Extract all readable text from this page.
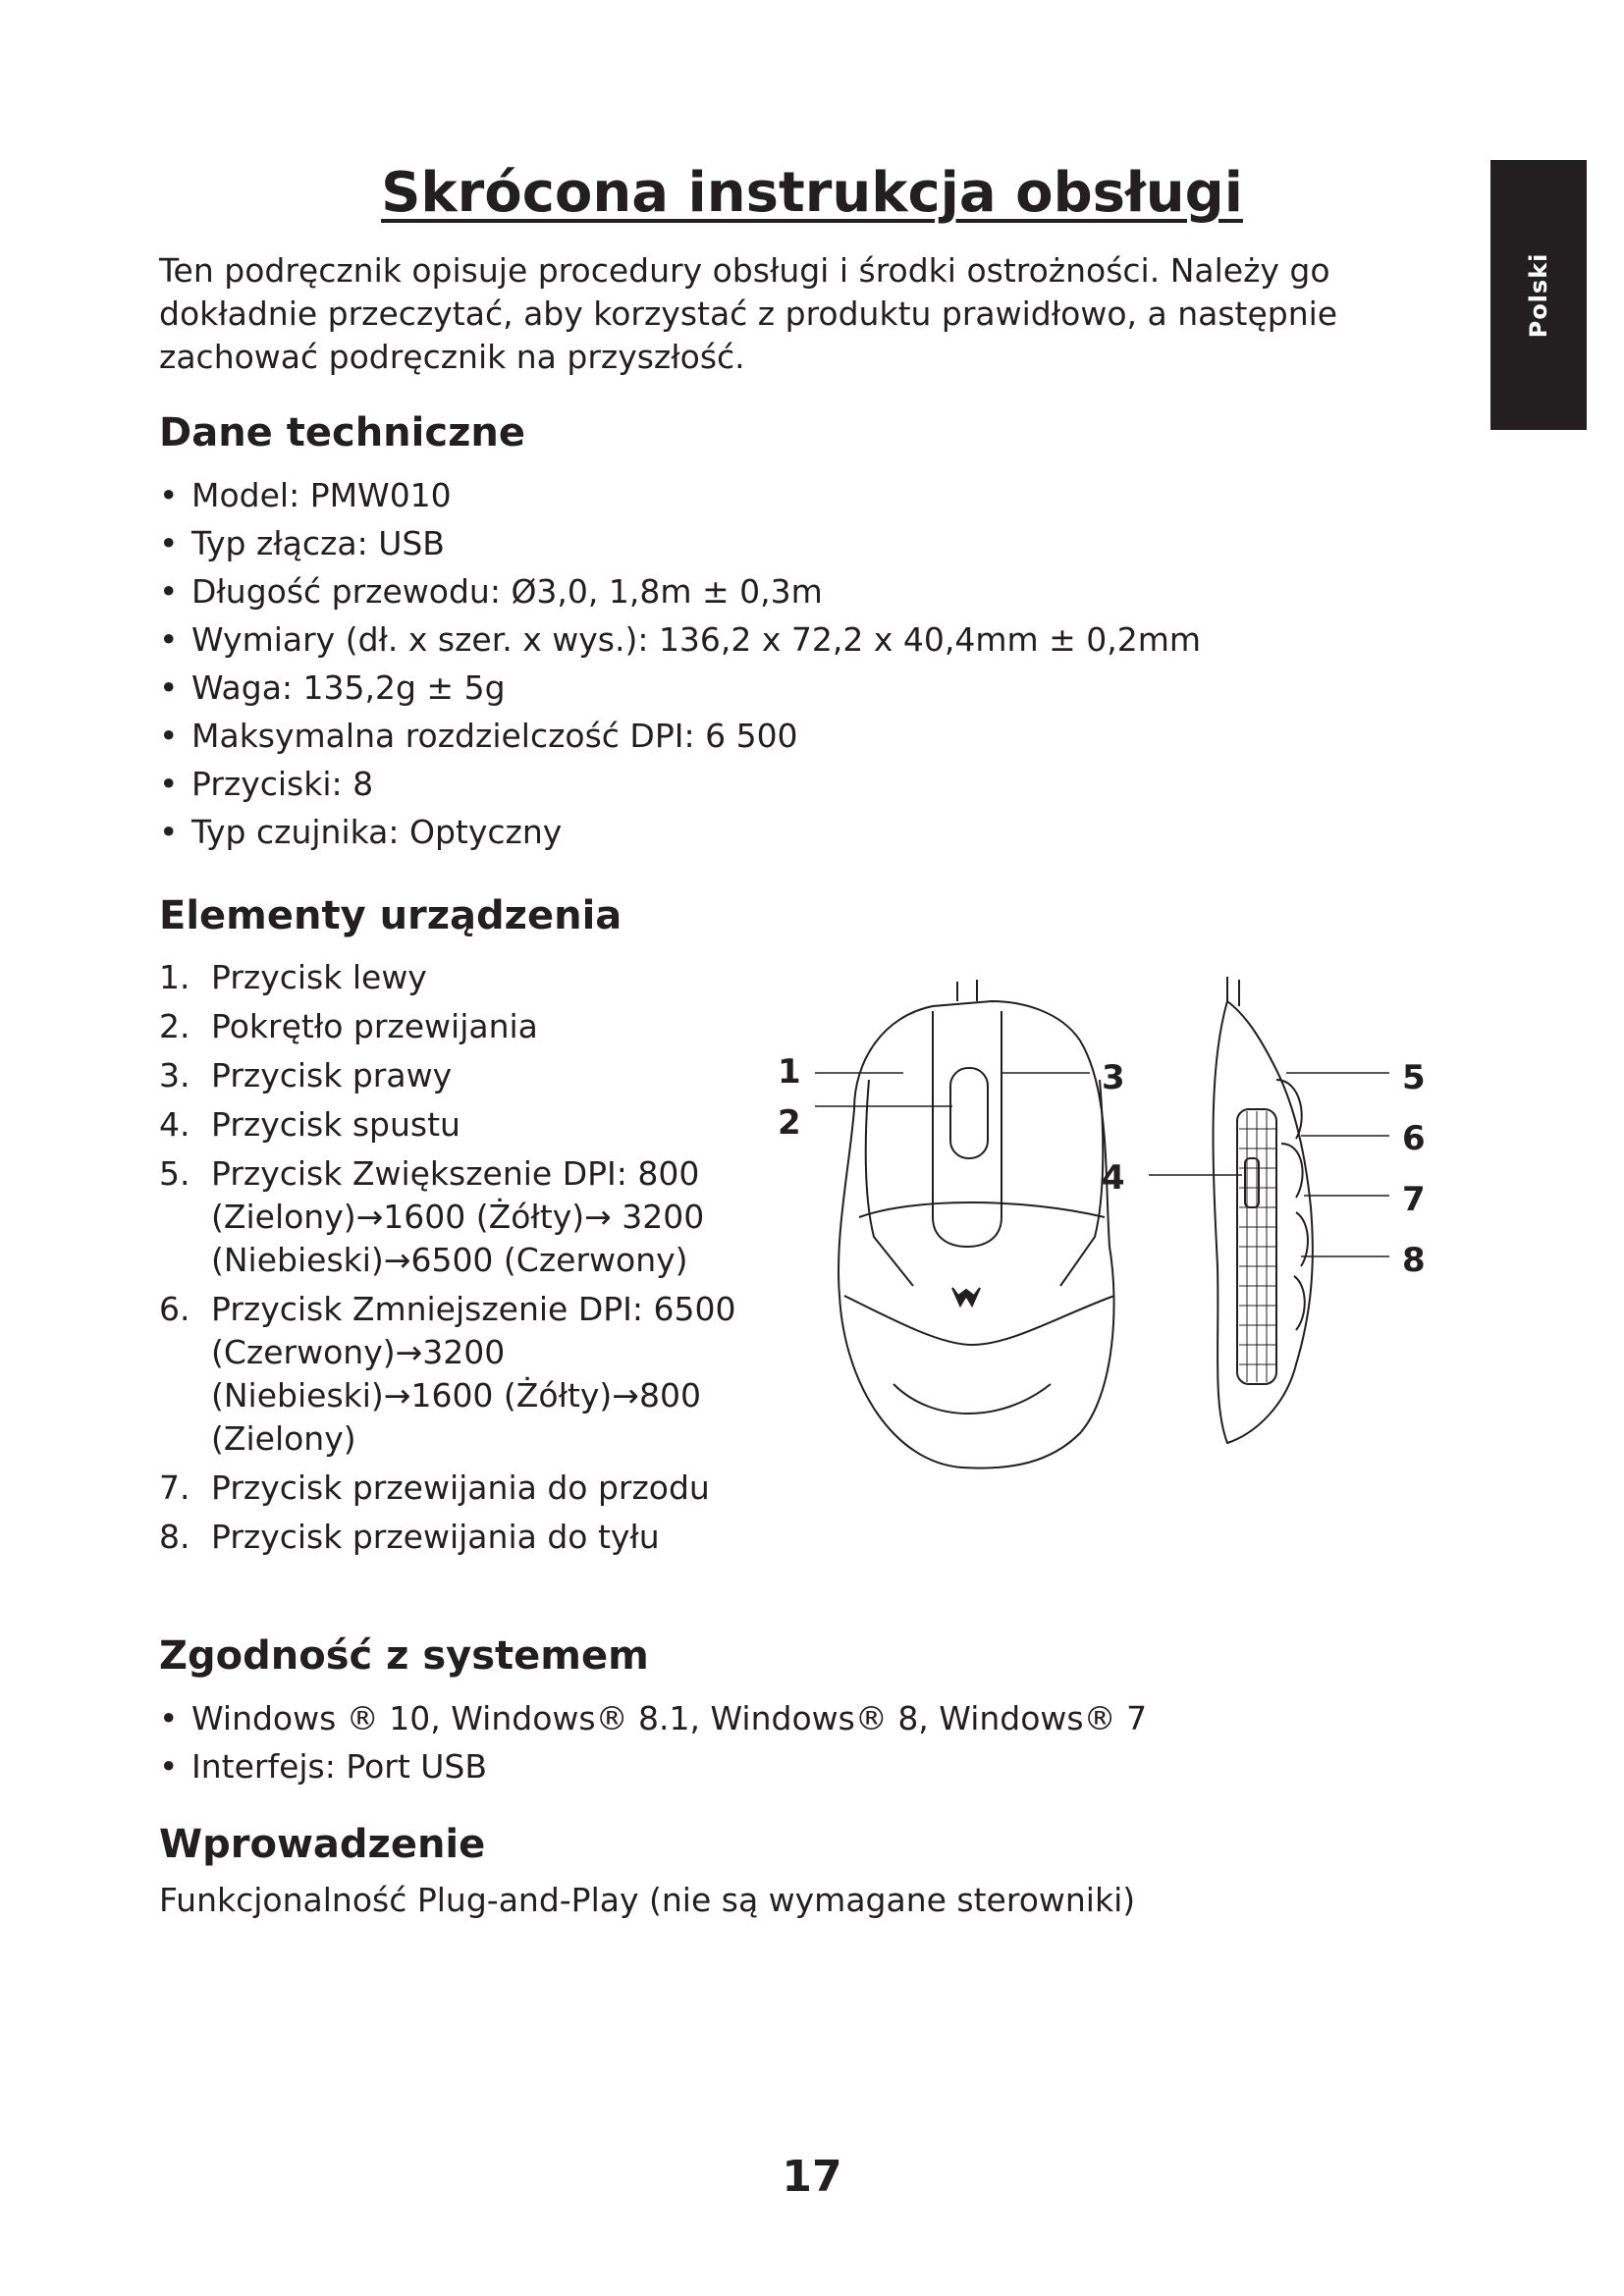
Polski
Skrócona instrukcja obsługi

Ten podręcznik opisuje procedury obsługi i środki ostrożności. Należy go dokładnie przeczytać, aby korzystać z produktu prawidłowo, a następnie zachować podręcznik na przyszłość.

Dane techniczne
• Model: PMW010
• Typ złącza: USB
• Długość przewodu: Ø3,0, 1,8m ± 0,3m
• Wymiary (dł. x szer. x wys.): 136,2 x 72,2 x 40,4mm ± 0,2mm
• Waga: 135,2g ± 5g
• Maksymalna rozdzielczość DPI: 6 500
• Przyciski: 8
• Typ czujnika: Optyczny
Elementy urządzenia
1. Przycisk lewy
2. Pokrętło przewijania
3. Przycisk prawy
4. Przycisk spustu
5. Przycisk Zwiększenie DPI: 800 (Zielony)→1600 (Żółty)→ 3200 (Niebieski)→6500 (Czerwony)
6. Przycisk Zmniejszenie DPI: 6500 (Czerwony)→3200 (Niebieski)→1600 (Żółty)→800 (Zielony)
7. Przycisk przewijania do przodu
8. Przycisk przewijania do tyłu
1
2
3
4
5
6
7
8
Zgodność z systemem
• Windows ® 10, Windows® 8.1, Windows® 8, Windows® 7
• Interfejs: Port USB
Wprowadzenie

Funkcjonalność Plug-and-Play (nie są wymagane sterowniki)

17
